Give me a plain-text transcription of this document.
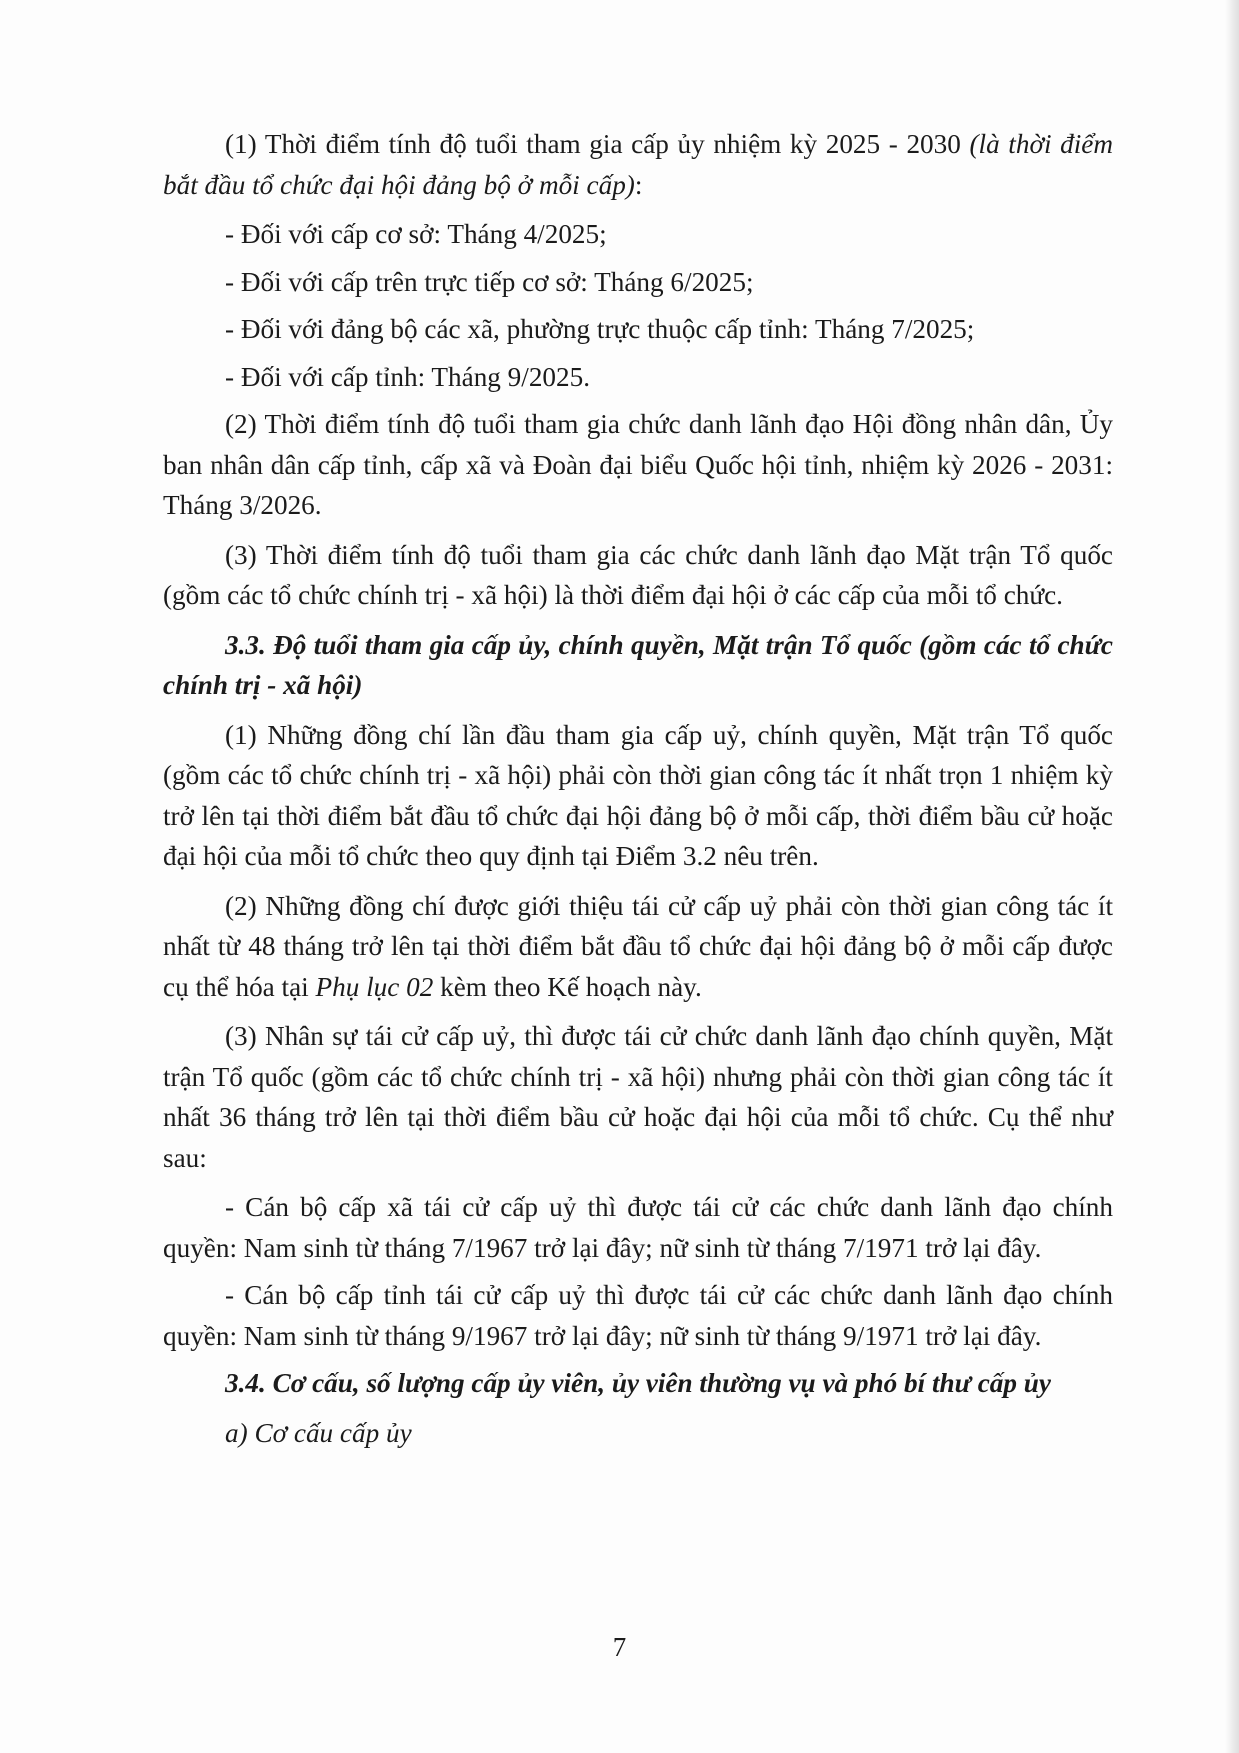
(1) Thời điểm tính độ tuổi tham gia cấp ủy nhiệm kỳ 2025 - 2030 (là thời điểm bắt đầu tổ chức đại hội đảng bộ ở mỗi cấp):

- Đối với cấp cơ sở: Tháng 4/2025;

- Đối với cấp trên trực tiếp cơ sở: Tháng 6/2025;

- Đối với đảng bộ các xã, phường trực thuộc cấp tỉnh: Tháng 7/2025;

- Đối với cấp tỉnh: Tháng 9/2025.

(2) Thời điểm tính độ tuổi tham gia chức danh lãnh đạo Hội đồng nhân dân, Ủy ban nhân dân cấp tỉnh, cấp xã và Đoàn đại biểu Quốc hội tỉnh, nhiệm kỳ 2026 - 2031: Tháng 3/2026.

(3) Thời điểm tính độ tuổi tham gia các chức danh lãnh đạo Mặt trận Tổ quốc (gồm các tổ chức chính trị - xã hội) là thời điểm đại hội ở các cấp của mỗi tổ chức.

3.3. Độ tuổi tham gia cấp ủy, chính quyền, Mặt trận Tổ quốc (gồm các tổ chức chính trị - xã hội)

(1) Những đồng chí lần đầu tham gia cấp uỷ, chính quyền, Mặt trận Tổ quốc (gồm các tổ chức chính trị - xã hội) phải còn thời gian công tác ít nhất trọn 1 nhiệm kỳ trở lên tại thời điểm bắt đầu tổ chức đại hội đảng bộ ở mỗi cấp, thời điểm bầu cử hoặc đại hội của mỗi tổ chức theo quy định tại Điểm 3.2 nêu trên.

(2) Những đồng chí được giới thiệu tái cử cấp uỷ phải còn thời gian công tác ít nhất từ 48 tháng trở lên tại thời điểm bắt đầu tổ chức đại hội đảng bộ ở mỗi cấp được cụ thể hóa tại Phụ lục 02 kèm theo Kế hoạch này.

(3) Nhân sự tái cử cấp uỷ, thì được tái cử chức danh lãnh đạo chính quyền, Mặt trận Tổ quốc (gồm các tổ chức chính trị - xã hội) nhưng phải còn thời gian công tác ít nhất 36 tháng trở lên tại thời điểm bầu cử hoặc đại hội của mỗi tổ chức. Cụ thể như sau:

- Cán bộ cấp xã tái cử cấp uỷ thì được tái cử các chức danh lãnh đạo chính quyền: Nam sinh từ tháng 7/1967 trở lại đây; nữ sinh từ tháng 7/1971 trở lại đây.

- Cán bộ cấp tỉnh tái cử cấp uỷ thì được tái cử các chức danh lãnh đạo chính quyền: Nam sinh từ tháng 9/1967 trở lại đây; nữ sinh từ tháng 9/1971 trở lại đây.

3.4. Cơ cấu, số lượng cấp ủy viên, ủy viên thường vụ và phó bí thư cấp ủy

a) Cơ cấu cấp ủy

7
